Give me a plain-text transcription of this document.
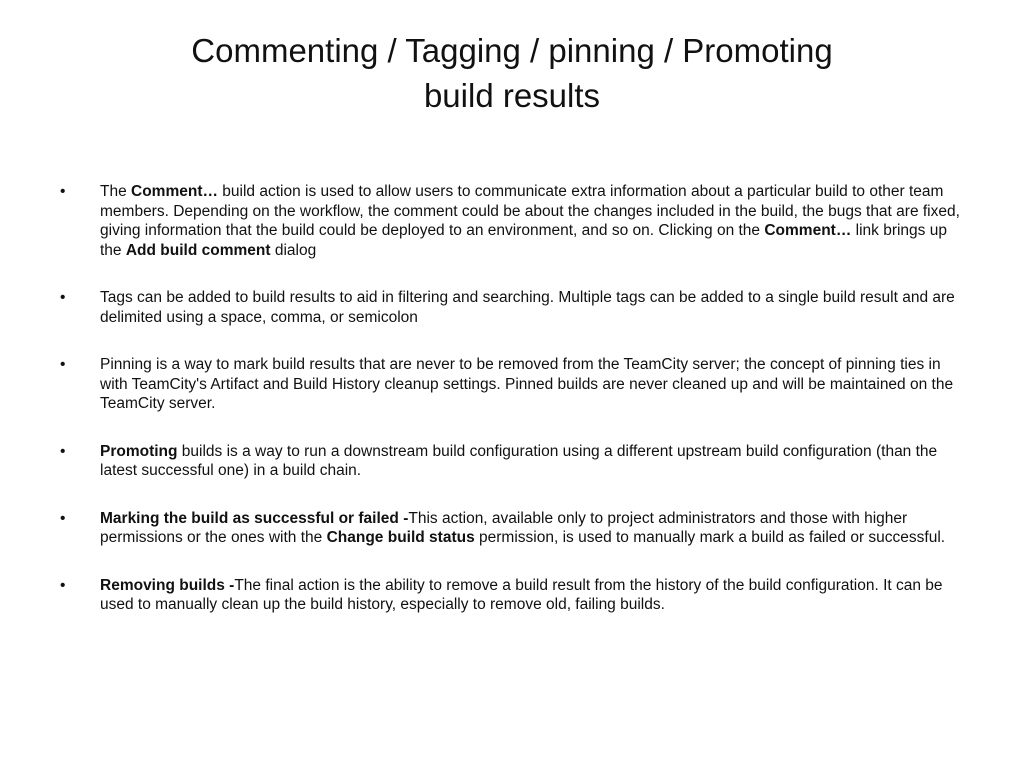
Commenting / Tagging / pinning / Promoting
build results
• The Comment… build action is used to allow users to communicate extra information about a particular build to other team members. Depending on the workflow, the comment could be about the changes included in the build, the bugs that are fixed, giving information that the build could be deployed to an environment, and so on. Clicking on the Comment… link brings up the Add build comment dialog
• Tags can be added to build results to aid in filtering and searching. Multiple tags can be added to a single build result and are delimited using a space, comma, or semicolon
• Pinning is a way to mark build results that are never to be removed from the TeamCity server; the concept of pinning ties in with TeamCity's Artifact and Build History cleanup settings. Pinned builds are never cleaned up and will be maintained on the TeamCity server.
• Promoting builds is a way to run a downstream build configuration using a different upstream build configuration (than the latest successful one) in a build chain.
• Marking the build as successful or failed -This action, available only to project administrators and those with higher permissions or the ones with the Change build status permission, is used to manually mark a build as failed or successful.
• Removing builds -The final action is the ability to remove a build result from the history of the build configuration. It can be used to manually clean up the build history, especially to remove old, failing builds.
